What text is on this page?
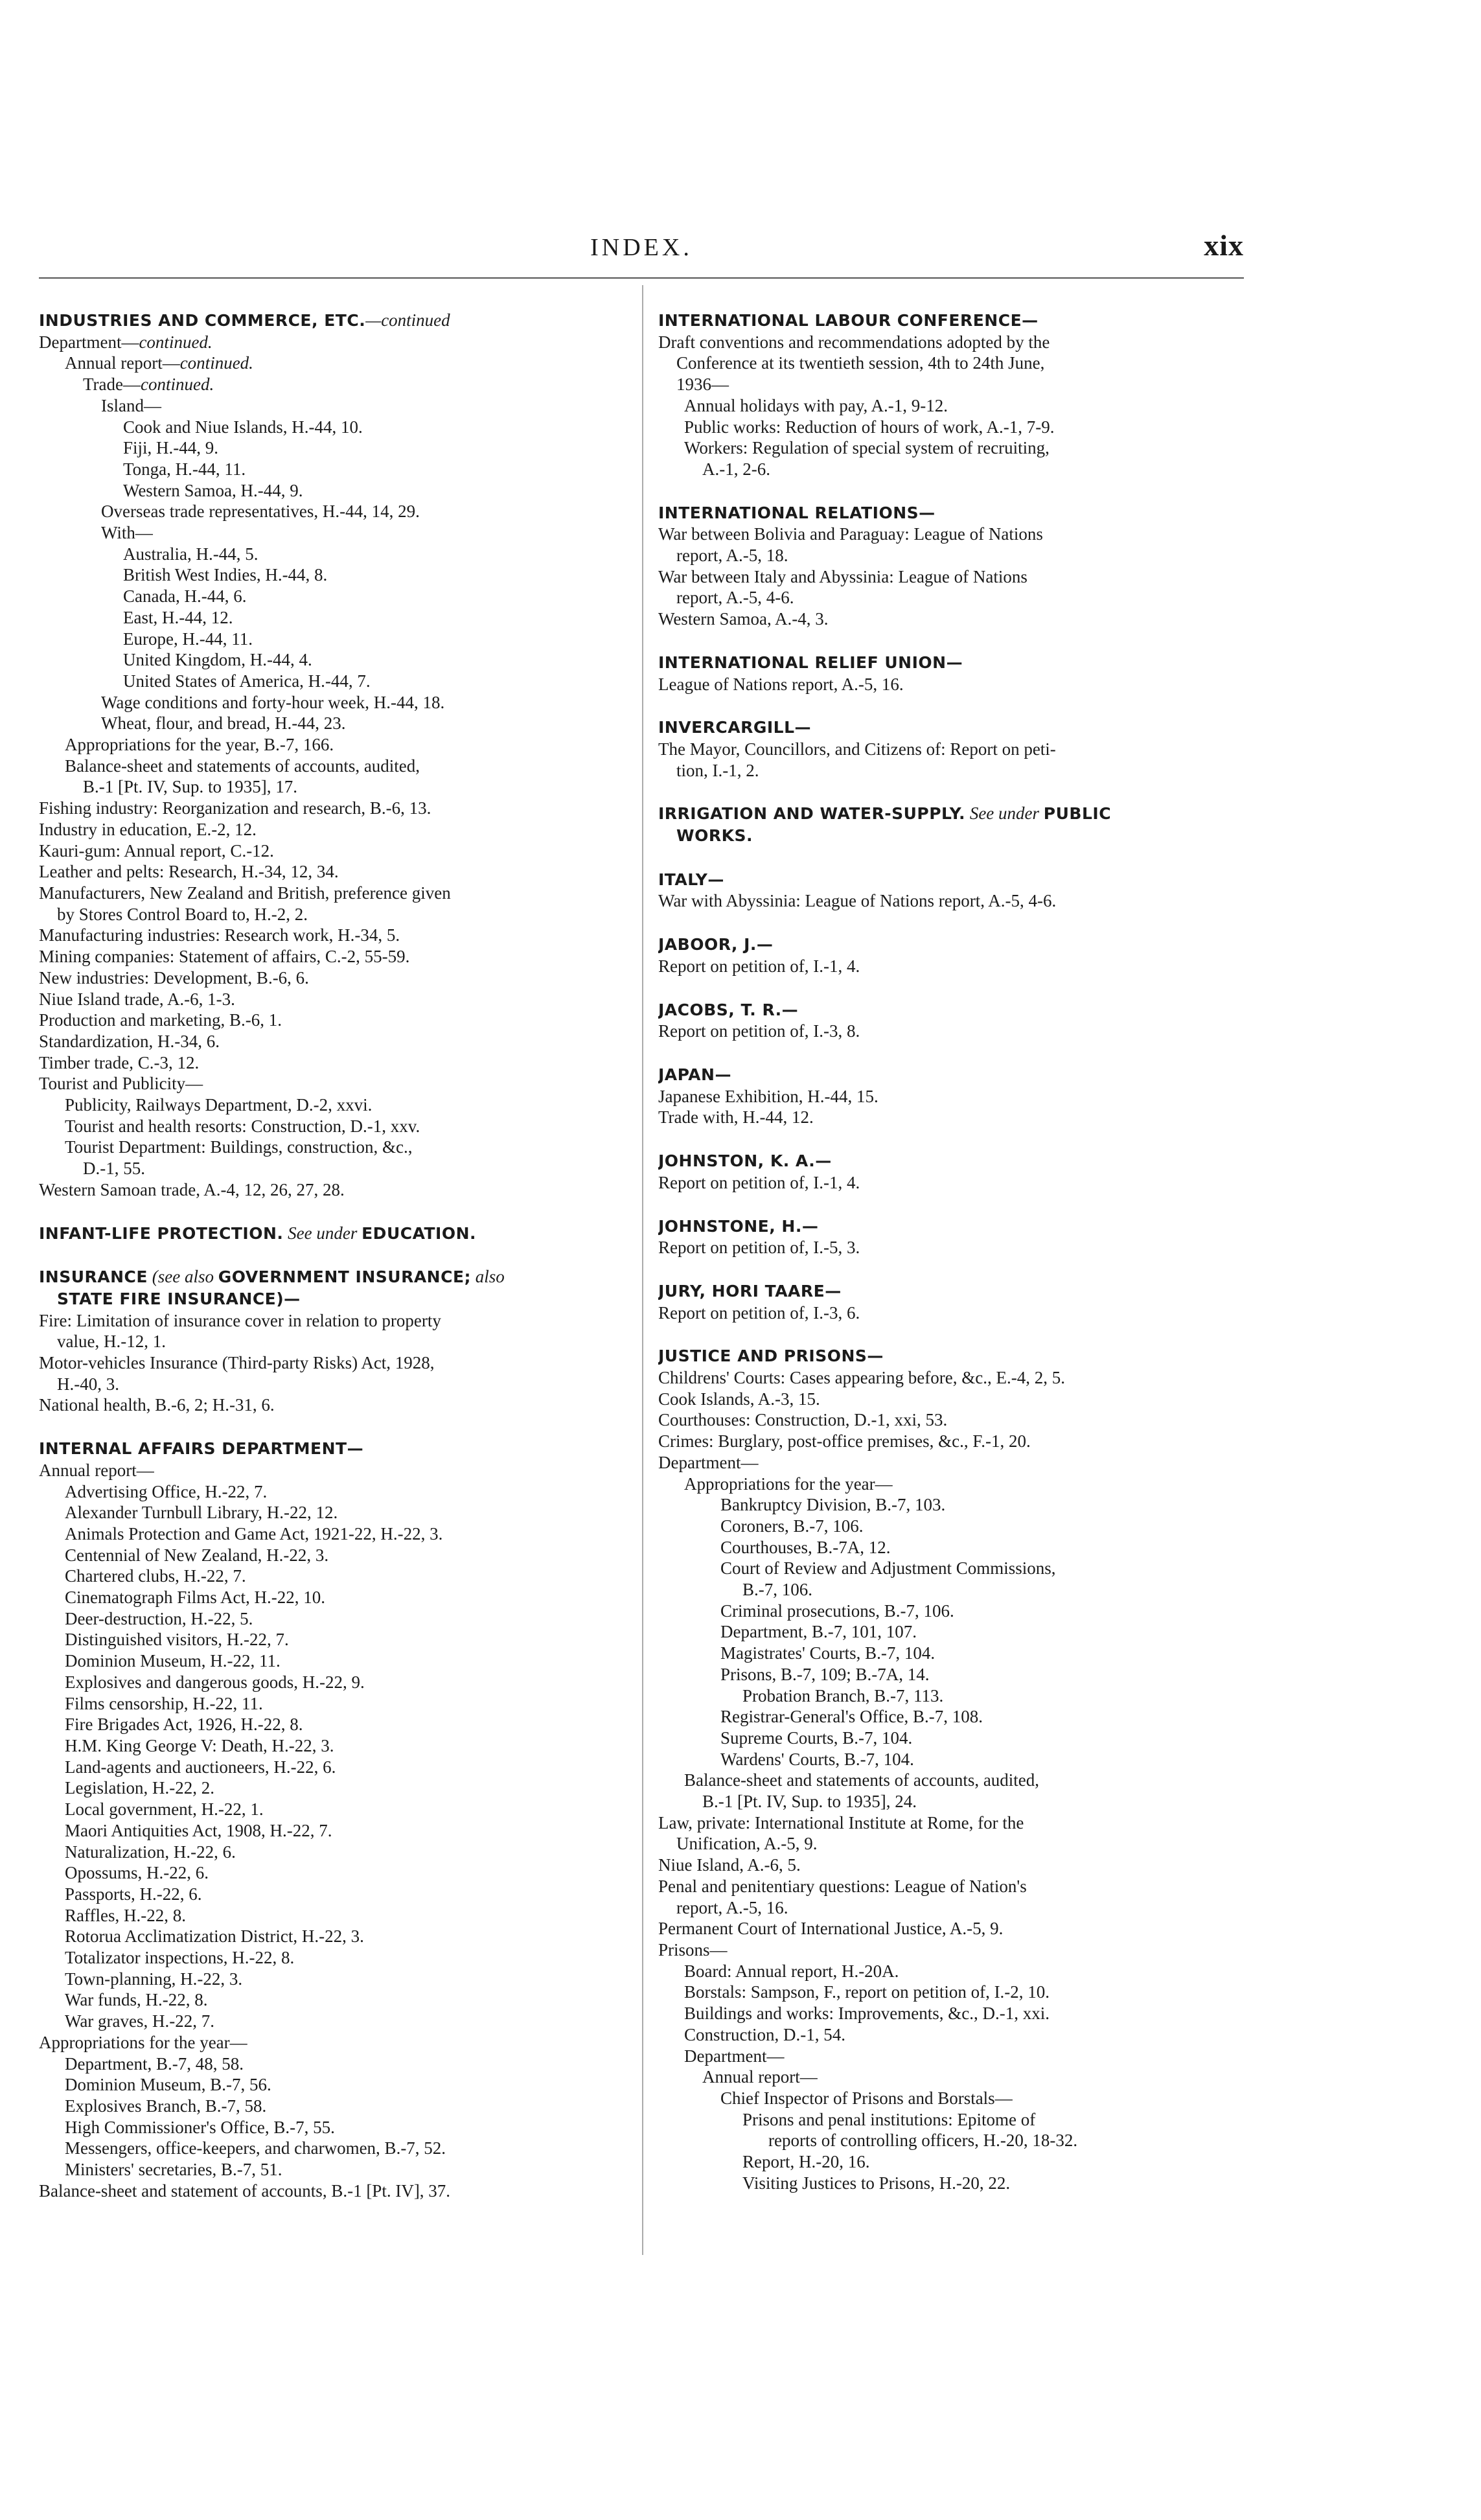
INDEX.	xix
INDUSTRIES AND COMMERCE, ETC.—continued
Department—continued.
Annual report—continued.
Trade—continued.
Island—
Cook and Niue Islands, H.-44, 10.
Fiji, H.-44, 9.
Tonga, H.-44, 11.
Western Samoa, H.-44, 9.
Overseas trade representatives, H.-44, 14, 29.
With—
Australia, H.-44, 5.
British West Indies, H.-44, 8.
Canada, H.-44, 6.
East, H.-44, 12.
Europe, H.-44, 11.
United Kingdom, H.-44, 4.
United States of America, H.-44, 7.
Wage conditions and forty-hour week, H.-44, 18.
Wheat, flour, and bread, H.-44, 23.
Appropriations for the year, B.-7, 166.
Balance-sheet and statements of accounts, audited,
B.-1 [Pt. IV, Sup. to 1935], 17.
Fishing industry: Reorganization and research, B.-6, 13.
Industry in education, E.-2, 12.
Kauri-gum: Annual report, C.-12.
Leather and pelts: Research, H.-34, 12, 34.
Manufacturers, New Zealand and British, preference given
by Stores Control Board to, H.-2, 2.
Manufacturing industries: Research work, H.-34, 5.
Mining companies: Statement of affairs, C.-2, 55-59.
New industries: Development, B.-6, 6.
Niue Island trade, A.-6, 1-3.
Production and marketing, B.-6, 1.
Standardization, H.-34, 6.
Timber trade, C.-3, 12.
Tourist and Publicity—
Publicity, Railways Department, D.-2, xxvi.
Tourist and health resorts: Construction, D.-1, xxv.
Tourist Department: Buildings, construction, &c.,
D.-1, 55.
Western Samoan trade, A.-4, 12, 26, 27, 28.
INFANT-LIFE PROTECTION. See under EDUCATION.
INSURANCE (see also GOVERNMENT INSURANCE; also
STATE FIRE INSURANCE)—
Fire: Limitation of insurance cover in relation to property
value, H.-12, 1.
Motor-vehicles Insurance (Third-party Risks) Act, 1928,
H.-40, 3.
National health, B.-6, 2; H.-31, 6.
INTERNAL AFFAIRS DEPARTMENT—
Annual report—
Advertising Office, H.-22, 7.
Alexander Turnbull Library, H.-22, 12.
Animals Protection and Game Act, 1921-22, H.-22, 3.
Centennial of New Zealand, H.-22, 3.
Chartered clubs, H.-22, 7.
Cinematograph Films Act, H.-22, 10.
Deer-destruction, H.-22, 5.
Distinguished visitors, H.-22, 7.
Dominion Museum, H.-22, 11.
Explosives and dangerous goods, H.-22, 9.
Films censorship, H.-22, 11.
Fire Brigades Act, 1926, H.-22, 8.
H.M. King George V: Death, H.-22, 3.
Land-agents and auctioneers, H.-22, 6.
Legislation, H.-22, 2.
Local government, H.-22, 1.
Maori Antiquities Act, 1908, H.-22, 7.
Naturalization, H.-22, 6.
Opossums, H.-22, 6.
Passports, H.-22, 6.
Raffles, H.-22, 8.
Rotorua Acclimatization District, H.-22, 3.
Totalizator inspections, H.-22, 8.
Town-planning, H.-22, 3.
War funds, H.-22, 8.
War graves, H.-22, 7.
Appropriations for the year—
Department, B.-7, 48, 58.
Dominion Museum, B.-7, 56.
Explosives Branch, B.-7, 58.
High Commissioner's Office, B.-7, 55.
Messengers, office-keepers, and charwomen, B.-7, 52.
Ministers' secretaries, B.-7, 51.
Balance-sheet and statement of accounts, B.-1 [Pt. IV], 37.
INTERNATIONAL LABOUR CONFERENCE—
Draft conventions and recommendations adopted by the
Conference at its twentieth session, 4th to 24th June,
1936—
Annual holidays with pay, A.-1, 9-12.
Public works: Reduction of hours of work, A.-1, 7-9.
Workers: Regulation of special system of recruiting,
A.-1, 2-6.
INTERNATIONAL RELATIONS—
War between Bolivia and Paraguay: League of Nations
report, A.-5, 18.
War between Italy and Abyssinia: League of Nations
report, A.-5, 4-6.
Western Samoa, A.-4, 3.
INTERNATIONAL RELIEF UNION—
League of Nations report, A.-5, 16.
INVERCARGILL—
The Mayor, Councillors, and Citizens of: Report on peti-
tion, I.-1, 2.
IRRIGATION AND WATER-SUPPLY. See under PUBLIC
WORKS.
ITALY—
War with Abyssinia: League of Nations report, A.-5, 4-6.
JABOOR, J.—
Report on petition of, I.-1, 4.
JACOBS, T. R.—
Report on petition of, I.-3, 8.
JAPAN—
Japanese Exhibition, H.-44, 15.
Trade with, H.-44, 12.
JOHNSTON, K. A.—
Report on petition of, I.-1, 4.
JOHNSTONE, H.—
Report on petition of, I.-5, 3.
JURY, HORI TAARE—
Report on petition of, I.-3, 6.
JUSTICE AND PRISONS—
Childrens' Courts: Cases appearing before, &c., E.-4, 2, 5.
Cook Islands, A.-3, 15.
Courthouses: Construction, D.-1, xxi, 53.
Crimes: Burglary, post-office premises, &c., F.-1, 20.
Department—
Appropriations for the year—
Bankruptcy Division, B.-7, 103.
Coroners, B.-7, 106.
Courthouses, B.-7A, 12.
Court of Review and Adjustment Commissions,
B.-7, 106.
Criminal prosecutions, B.-7, 106.
Department, B.-7, 101, 107.
Magistrates' Courts, B.-7, 104.
Prisons, B.-7, 109; B.-7A, 14.
Probation Branch, B.-7, 113.
Registrar-General's Office, B.-7, 108.
Supreme Courts, B.-7, 104.
Wardens' Courts, B.-7, 104.
Balance-sheet and statements of accounts, audited,
B.-1 [Pt. IV, Sup. to 1935], 24.
Law, private: International Institute at Rome, for the
Unification, A.-5, 9.
Niue Island, A.-6, 5.
Penal and penitentiary questions: League of Nation's
report, A.-5, 16.
Permanent Court of International Justice, A.-5, 9.
Prisons—
Board: Annual report, H.-20A.
Borstals: Sampson, F., report on petition of, I.-2, 10.
Buildings and works: Improvements, &c., D.-1, xxi.
Construction, D.-1, 54.
Department—
Annual report—
Chief Inspector of Prisons and Borstals—
Prisons and penal institutions: Epitome of
reports of controlling officers, H.-20, 18-32.
Report, H.-20, 16.
Visiting Justices to Prisons, H.-20, 22.
